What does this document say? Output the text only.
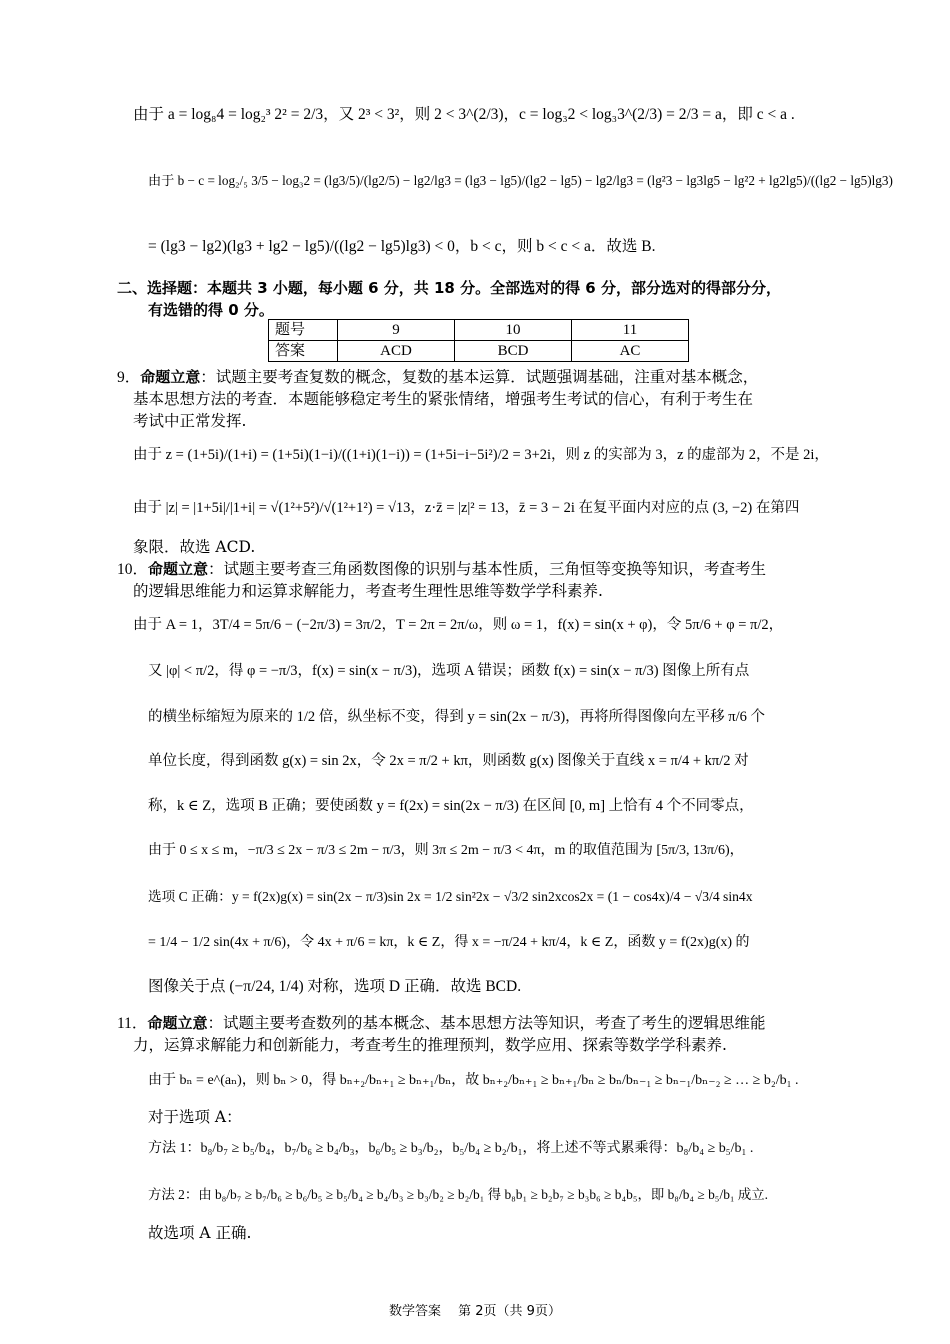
由于 a = log₈4 = log₂³ 2² = 2/3，又 2³ < 3²，则 2 < 3^(2/3)，c = log₃2 < log₃3^(2/3) = 2/3 = a，即 c < a .
由于 b − c = log₂/₅ 3/5 − log₃2 = (lg3/5)/(lg2/5) − lg2/lg3 = (lg3 − lg5)/(lg2 − lg5) − lg2/lg3 = (lg²3 − lg3lg5 − lg²2 + lg2lg5)/((lg2 − lg5)lg3)
= (lg3 − lg2)(lg3 + lg2 − lg5)/((lg2 − lg5)lg3) < 0，b < c，则 b < c < a．故选 B.
二、选择题：本题共 3 小题，每小题 6 分，共 18 分。全部选对的得 6 分，部分选对的得部分分，
有选错的得 0 分。
题号	9	10	11
答案	ACD	BCD	AC
9．命题立意：试题主要考查复数的概念，复数的基本运算．试题强调基础，注重对基本概念，
基本思想方法的考查．本题能够稳定考生的紧张情绪，增强考生考试的信心，有利于考生在
考试中正常发挥.
由于 z = (1+5i)/(1+i) = (1+5i)(1−i)/((1+i)(1−i)) = (1+5i−i−5i²)/2 = 3+2i，则 z 的实部为 3，z 的虚部为 2，不是 2i，
由于 |z| = |1+5i|/|1+i| = √(1²+5²)/√(1²+1²) = √13，z·z̄ = |z|² = 13，z̄ = 3 − 2i 在复平面内对应的点 (3, −2) 在第四
象限．故选 ACD.
10．命题立意：试题主要考查三角函数图像的识别与基本性质，三角恒等变换等知识，考查考生
的逻辑思维能力和运算求解能力，考查考生理性思维等数学学科素养.
由于 A = 1，3T/4 = 5π/6 − (−2π/3) = 3π/2，T = 2π = 2π/ω，则 ω = 1，f(x) = sin(x + φ)，令 5π/6 + φ = π/2，
又 |φ| < π/2，得 φ = −π/3，f(x) = sin(x − π/3)，选项 A 错误；函数 f(x) = sin(x − π/3) 图像上所有点
的横坐标缩短为原来的 1/2 倍，纵坐标不变，得到 y = sin(2x − π/3)，再将所得图像向左平移 π/6 个
单位长度，得到函数 g(x) = sin 2x，令 2x = π/2 + kπ，则函数 g(x) 图像关于直线 x = π/4 + kπ/2 对
称，k ∈ Z，选项 B 正确；要使函数 y = f(2x) = sin(2x − π/3) 在区间 [0, m] 上恰有 4 个不同零点，
由于 0 ≤ x ≤ m，−π/3 ≤ 2x − π/3 ≤ 2m − π/3，则 3π ≤ 2m − π/3 < 4π，m 的取值范围为 [5π/3, 13π/6)，
选项 C 正确：y = f(2x)g(x) = sin(2x − π/3)sin 2x = 1/2 sin²2x − √3/2 sin2xcos2x = (1 − cos4x)/4 − √3/4 sin4x
= 1/4 − 1/2 sin(4x + π/6)，令 4x + π/6 = kπ，k ∈ Z，得 x = −π/24 + kπ/4，k ∈ Z，函数 y = f(2x)g(x) 的
图像关于点 (−π/24, 1/4) 对称，选项 D 正确．故选 BCD.
11．命题立意：试题主要考查数列的基本概念、基本思想方法等知识，考查了考生的逻辑思维能
力，运算求解能力和创新能力，考查考生的推理预判，数学应用、探索等数学学科素养.
由于 bₙ = e^(aₙ)，则 bₙ > 0，得 bₙ₊₂/bₙ₊₁ ≥ bₙ₊₁/bₙ，故 bₙ₊₂/bₙ₊₁ ≥ bₙ₊₁/bₙ ≥ bₙ/bₙ₋₁ ≥ bₙ₋₁/bₙ₋₂ ≥ … ≥ b₂/b₁ .
对于选项 A：
方法 1：b₈/b₇ ≥ b₅/b₄，b₇/b₆ ≥ b₄/b₃，b₆/b₅ ≥ b₃/b₂，b₅/b₄ ≥ b₂/b₁，将上述不等式累乘得：b₈/b₄ ≥ b₅/b₁ .
方法 2：由 b₈/b₇ ≥ b₇/b₆ ≥ b₆/b₅ ≥ b₅/b₄ ≥ b₄/b₃ ≥ b₃/b₂ ≥ b₂/b₁ 得 b₈b₁ ≥ b₂b₇ ≥ b₃b₆ ≥ b₄b₅，即 b₈/b₄ ≥ b₅/b₁ 成立.
故选项 A 正确.
数学答案　 第 2页（共 9页）
